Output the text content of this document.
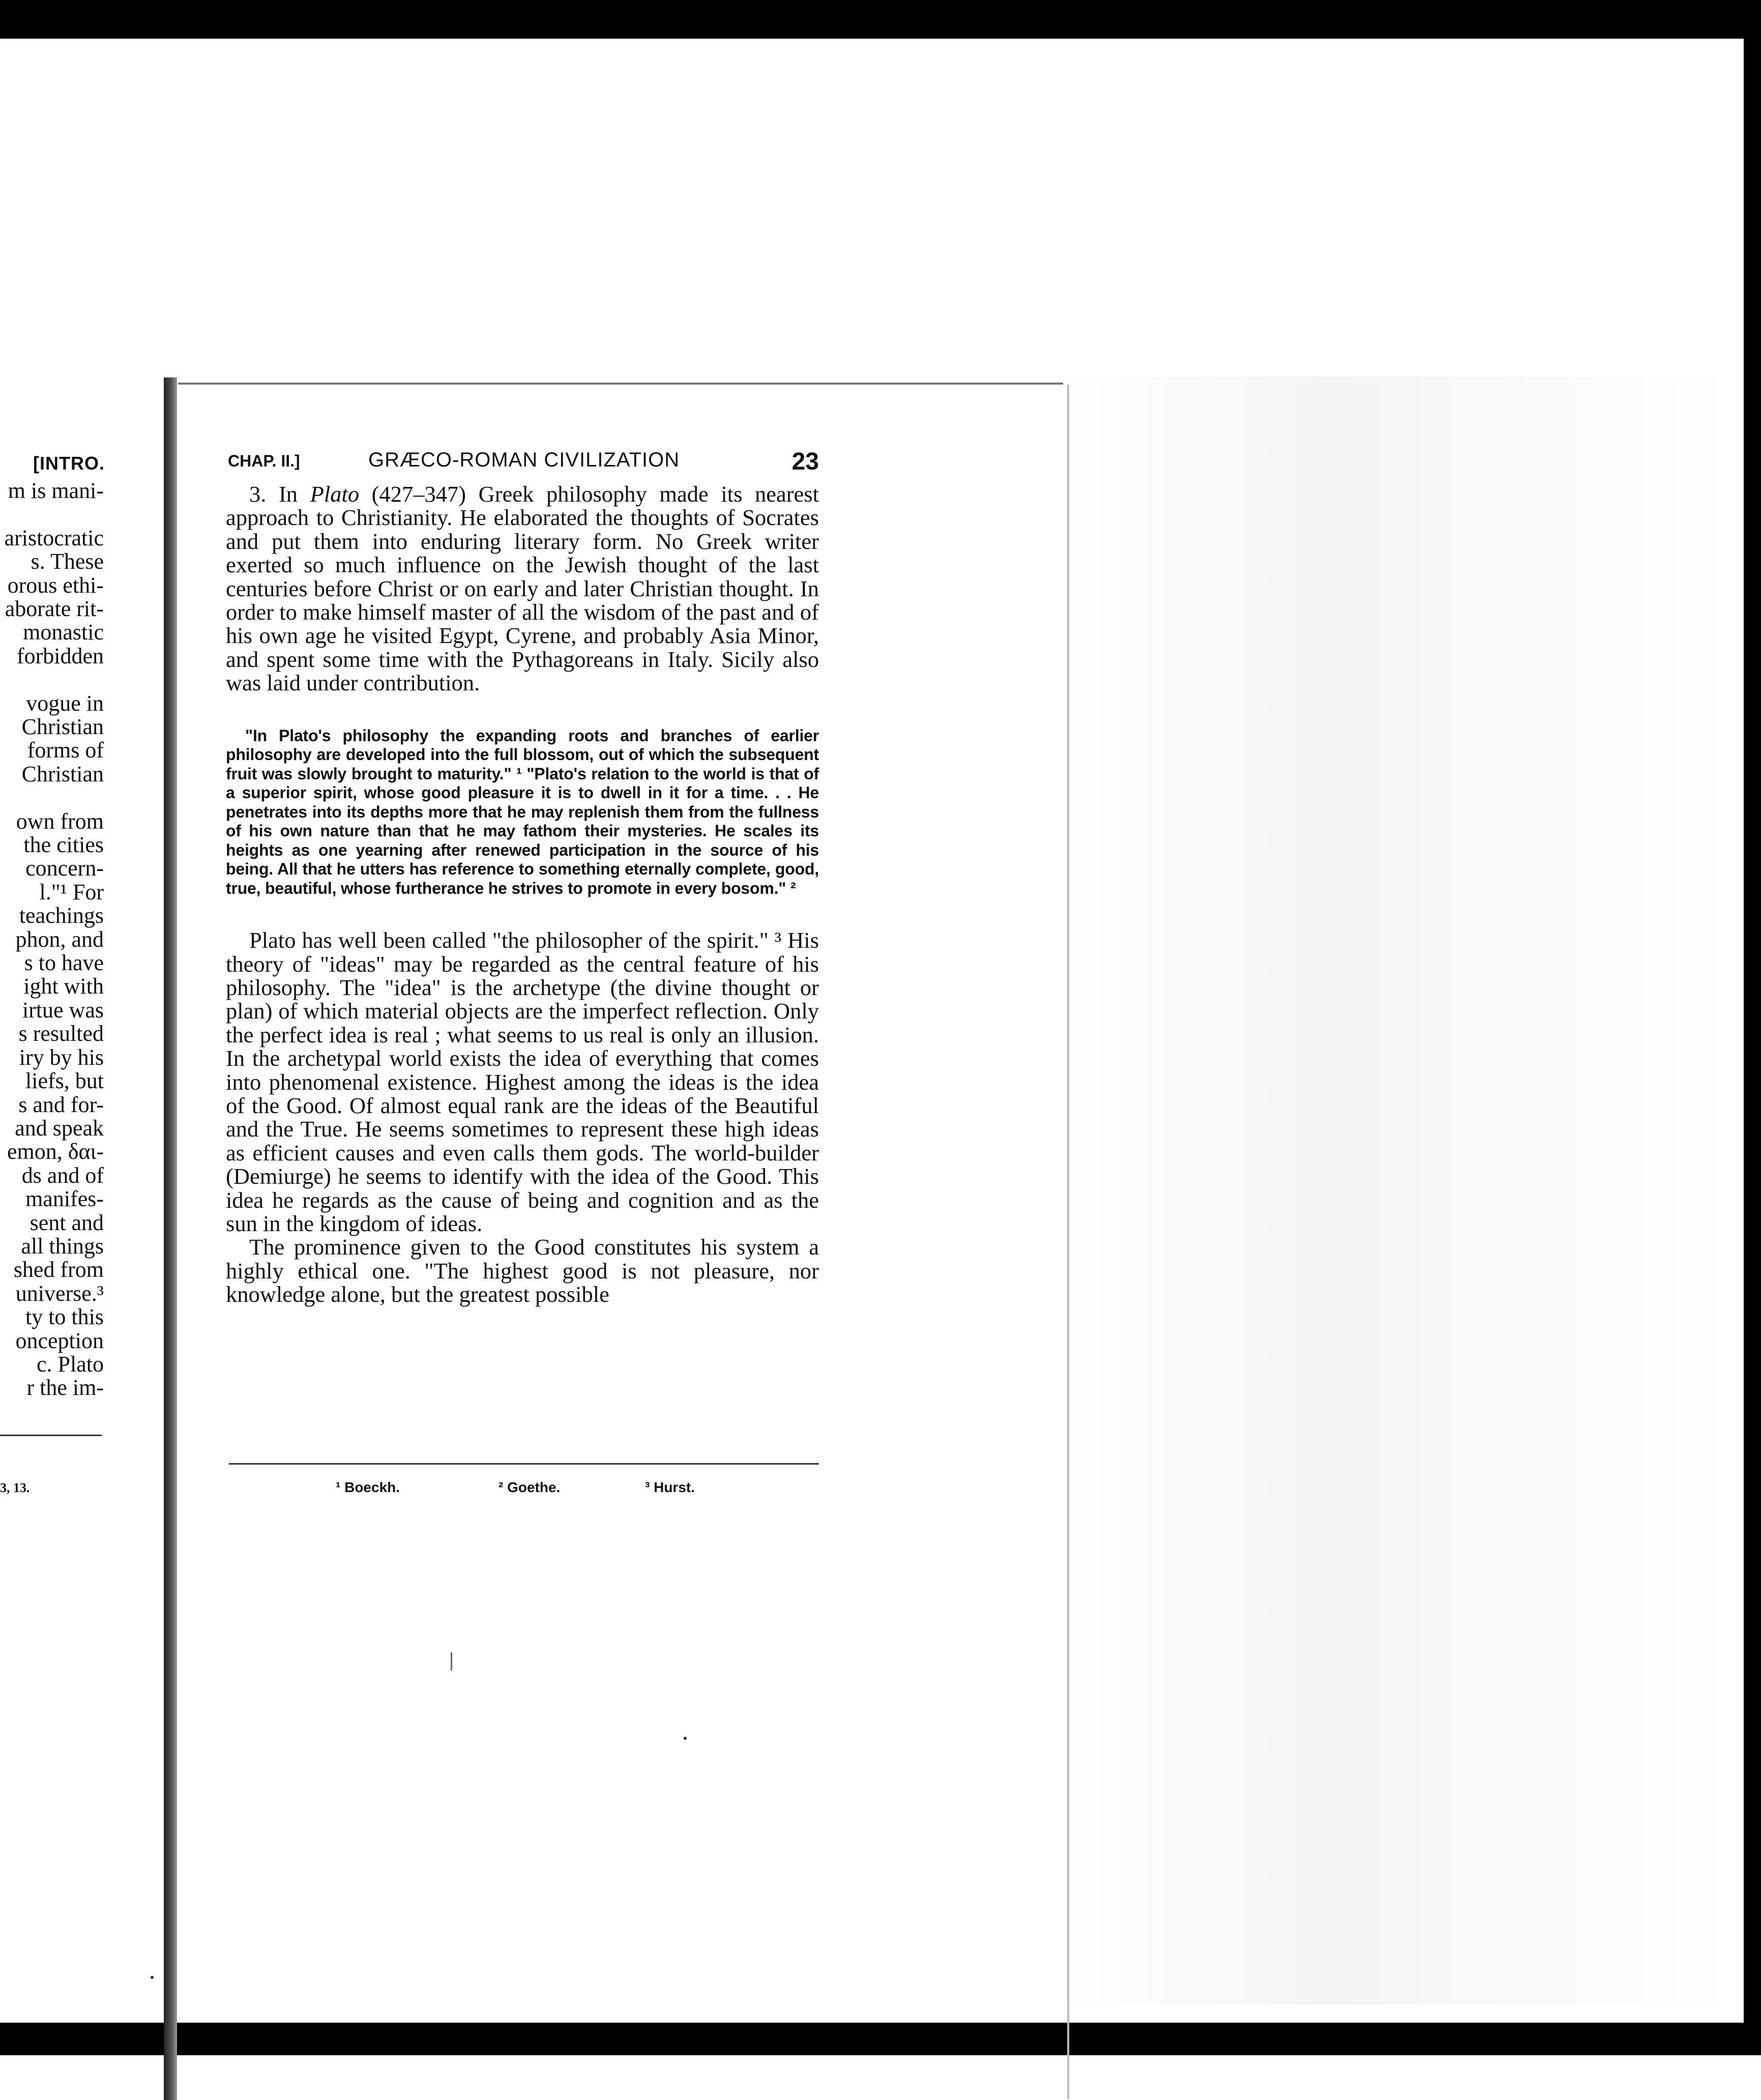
[INTRO.
m is mani-
aristocratic
s. These
orous ethi-
aborate rit-
monastic
forbidden
vogue in
Christian
forms of
Christian
own from
the cities
concern-
l."¹ For
teachings
phon, and
s to have
ight with
irtue was
s resulted
iry by his
liefs, but
s and for-
and speak
emon, δαι-
ds and of
manifes-
sent and
all things
shed from
universe.³
ty to this
onception
c. Plato
r the im-
3, 13.
CHAP. II.]	GRÆCO-ROMAN CIVILIZATION	23

3. In Plato (427–347) Greek philosophy made its nearest approach to Christianity. He elaborated the thoughts of Socrates and put them into enduring literary form. No Greek writer exerted so much influence on the Jewish thought of the last centuries before Christ or on early and later Christian thought. In order to make himself master of all the wisdom of the past and of his own age he visited Egypt, Cyrene, and probably Asia Minor, and spent some time with the Pythagoreans in Italy. Sicily also was laid under contribution.

"In Plato's philosophy the expanding roots and branches of earlier philosophy are developed into the full blossom, out of which the subsequent fruit was slowly brought to maturity." ¹ "Plato's relation to the world is that of a superior spirit, whose good pleasure it is to dwell in it for a time. . . He penetrates into its depths more that he may replenish them from the fullness of his own nature than that he may fathom their mysteries. He scales its heights as one yearning after renewed participation in the source of his being. All that he utters has reference to something eternally complete, good, true, beautiful, whose furtherance he strives to promote in every bosom." ²

Plato has well been called "the philosopher of the spirit." ³ His theory of "ideas" may be regarded as the central feature of his philosophy. The "idea" is the archetype (the divine thought or plan) of which material objects are the imperfect reflection. Only the perfect idea is real ; what seems to us real is only an illusion. In the archetypal world exists the idea of everything that comes into phenomenal existence. Highest among the ideas is the idea of the Good. Of almost equal rank are the ideas of the Beautiful and the True. He seems sometimes to represent these high ideas as efficient causes and even calls them gods. The world-builder (Demiurge) he seems to identify with the idea of the Good. This idea he regards as the cause of being and cognition and as the sun in the kingdom of ideas.

The prominence given to the Good constitutes his system a highly ethical one. "The highest good is not pleasure, nor knowledge alone, but the greatest possible

¹ Boeckh.	² Goethe.	³ Hurst.
